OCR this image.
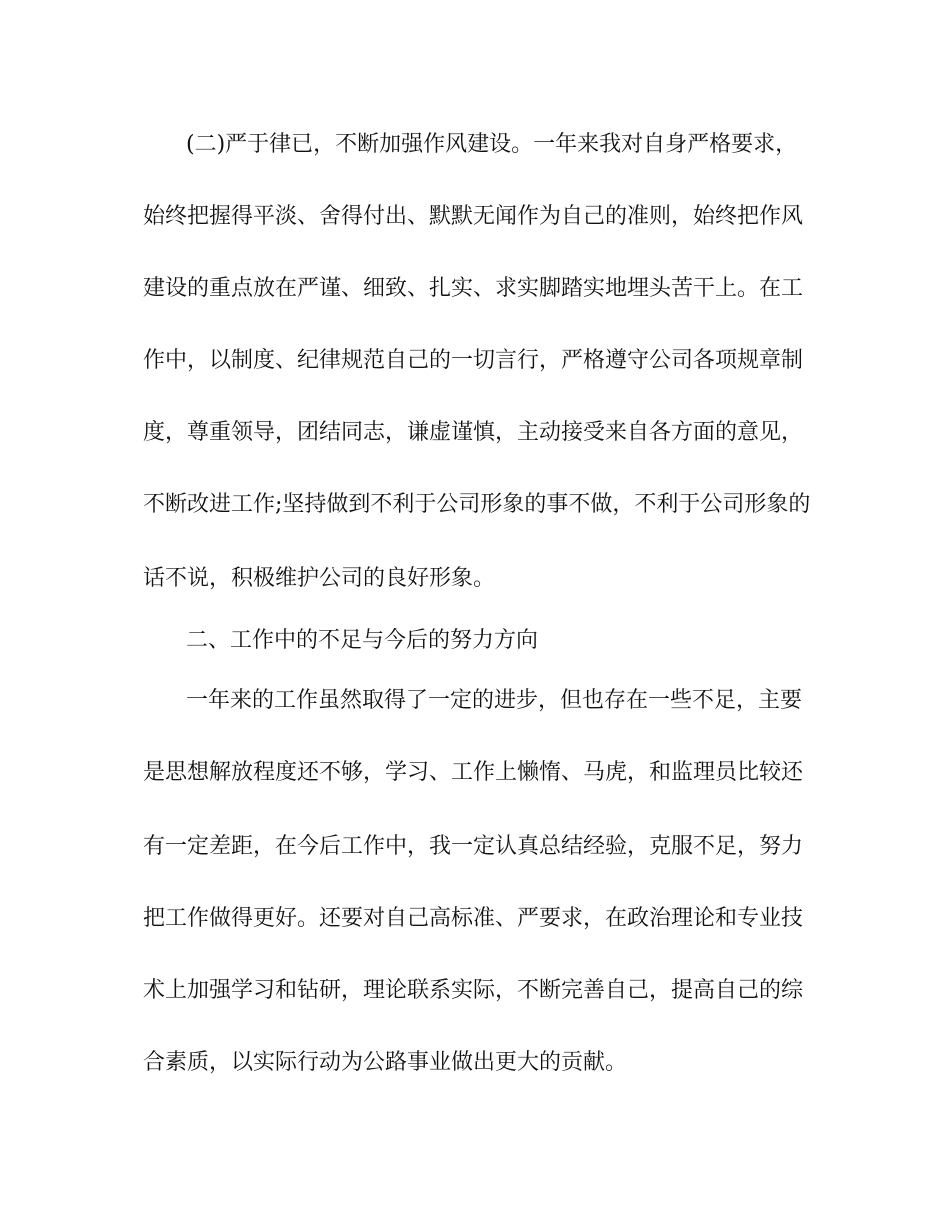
(二)严于律已，不断加强作风建设。一年来我对自身严格要求，
始终把握得平淡、舍得付出、默默无闻作为自己的准则，始终把作风
建设的重点放在严谨、细致、扎实、求实脚踏实地埋头苦干上。在工
作中，以制度、纪律规范自己的一切言行，严格遵守公司各项规章制
度，尊重领导，团结同志，谦虚谨慎，主动接受来自各方面的意见，
不断改进工作;坚持做到不利于公司形象的事不做，不利于公司形象的
话不说，积极维护公司的良好形象。
二、工作中的不足与今后的努力方向
一年来的工作虽然取得了一定的进步，但也存在一些不足，主要
是思想解放程度还不够，学习、工作上懒惰、马虎，和监理员比较还
有一定差距，在今后工作中，我一定认真总结经验，克服不足，努力
把工作做得更好。还要对自己高标准、严要求，在政治理论和专业技
术上加强学习和钻研，理论联系实际，不断完善自己，提高自己的综
合素质，以实际行动为公路事业做出更大的贡献。
